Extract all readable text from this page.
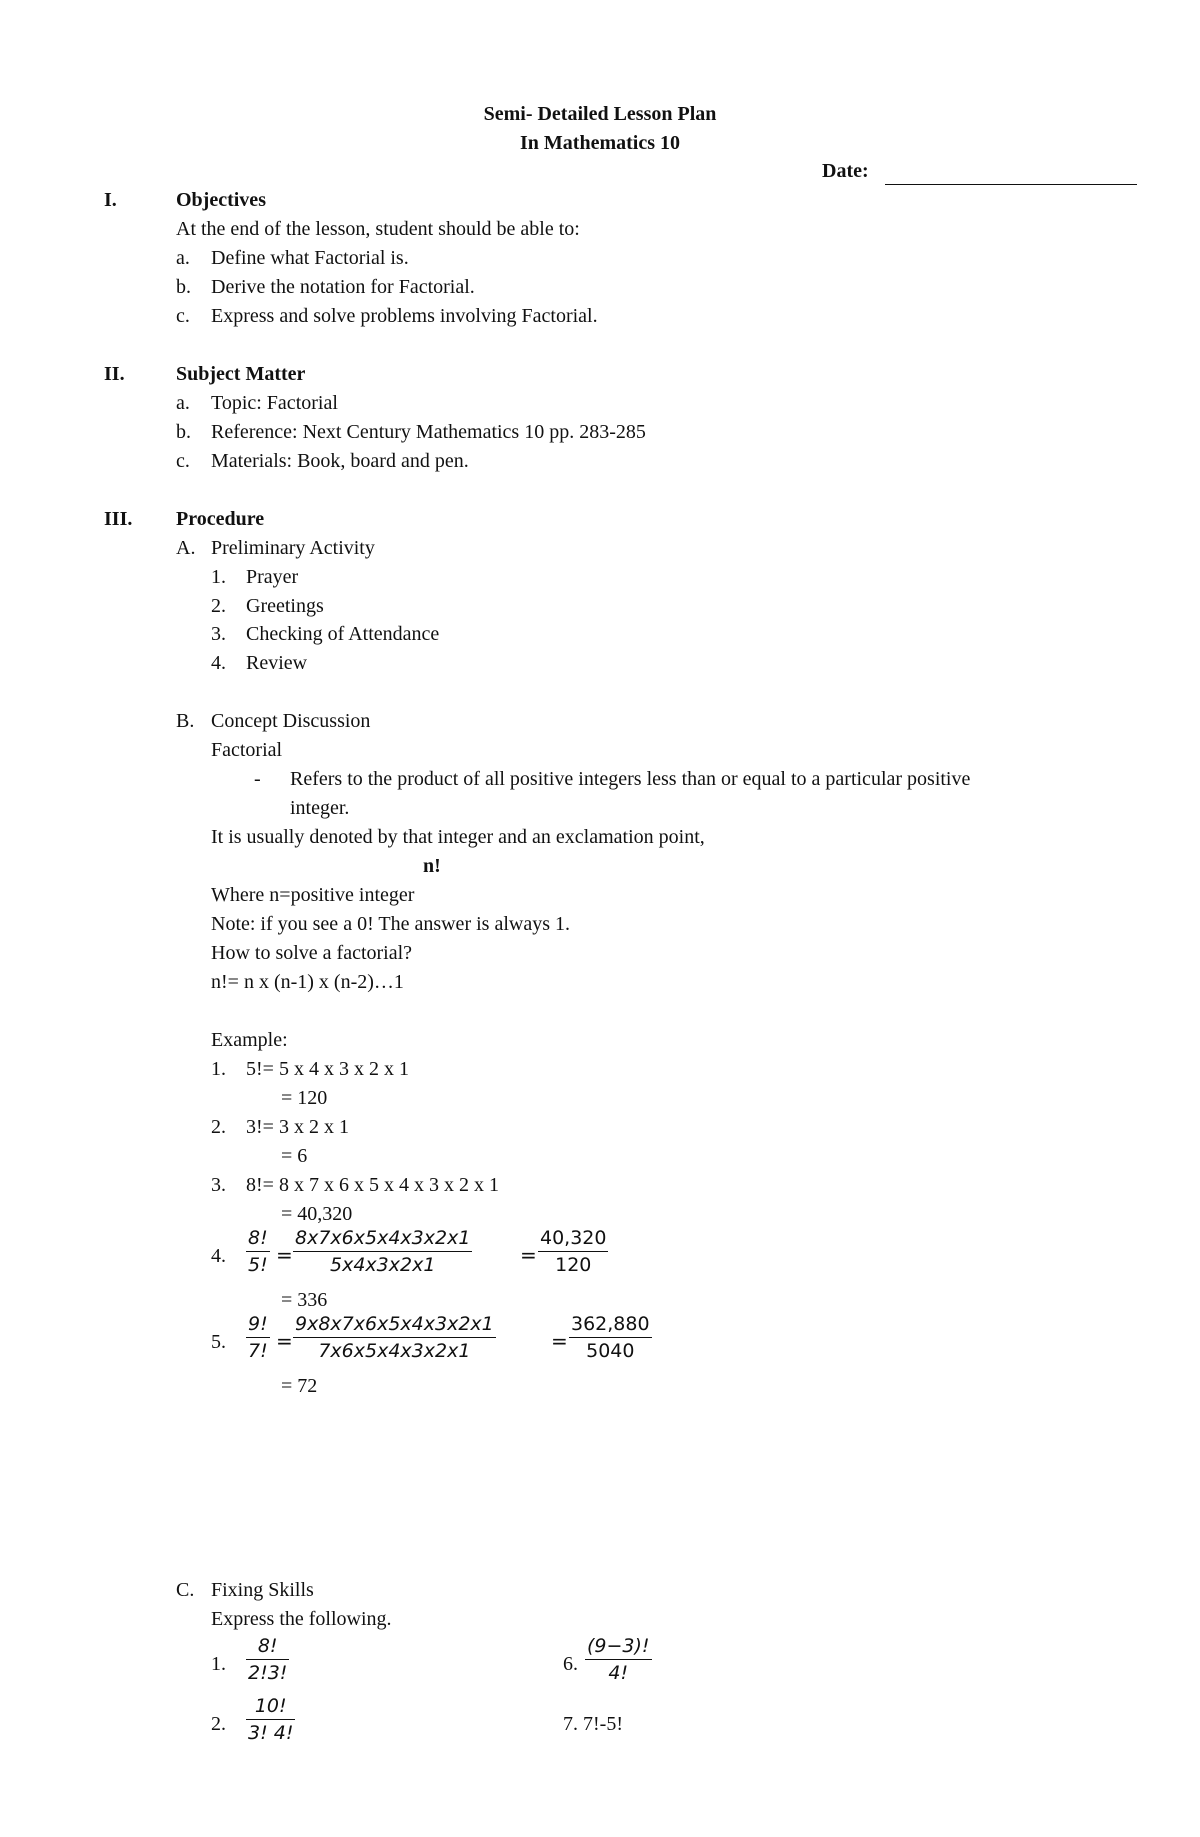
Semi- Detailed Lesson Plan
In Mathematics 10
Date:
I.	Objectives
At the end of the lesson, student should be able to:
a. Define what Factorial is.
b. Derive the notation for Factorial.
c. Express and solve problems involving Factorial.
II.	Subject Matter
a. Topic: Factorial
b. Reference: Next Century Mathematics 10 pp. 283-285
c. Materials: Book, board and pen.
III. Procedure
A. Preliminary Activity
1. Prayer
2. Greetings
3. Checking of Attendance
4. Review
B. Concept Discussion
Factorial
- Refers to the product of all positive integers less than or equal to a particular positive
integer.
It is usually denoted by that integer and an exclamation point,
n!
Where n=positive integer
Note: if you see a 0! The answer is always 1.
How to solve a factorial?
n!= n x (n-1) x (n-2)…1
Example:
1. 5!= 5 x 4 x 3 x 2 x 1
= 120
2. 3!= 3 x 2 x 1
= 6
3. 8!= 8 x 7 x 6 x 5 x 4 x 3 x 2 x 1
= 40,320
4. $\frac{8!}{5!} = \frac{8x7x6x5x4x3x2x1}{5x4x3x2x1} = \frac{40,320}{120}$
= 336
5. $\frac{9!}{7!} = \frac{9x8x7x6x5x4x3x2x1}{7x6x5x4x3x2x1}$	= $\frac{362,880}{5040}$
= 72
C. Fixing Skills
Express the following.
1. $\frac{8!}{2!3!}$	6. $\frac{(9-3)!}{4!}$
2. $\frac{10!}{3! 4!}$	7. 7!-5!
